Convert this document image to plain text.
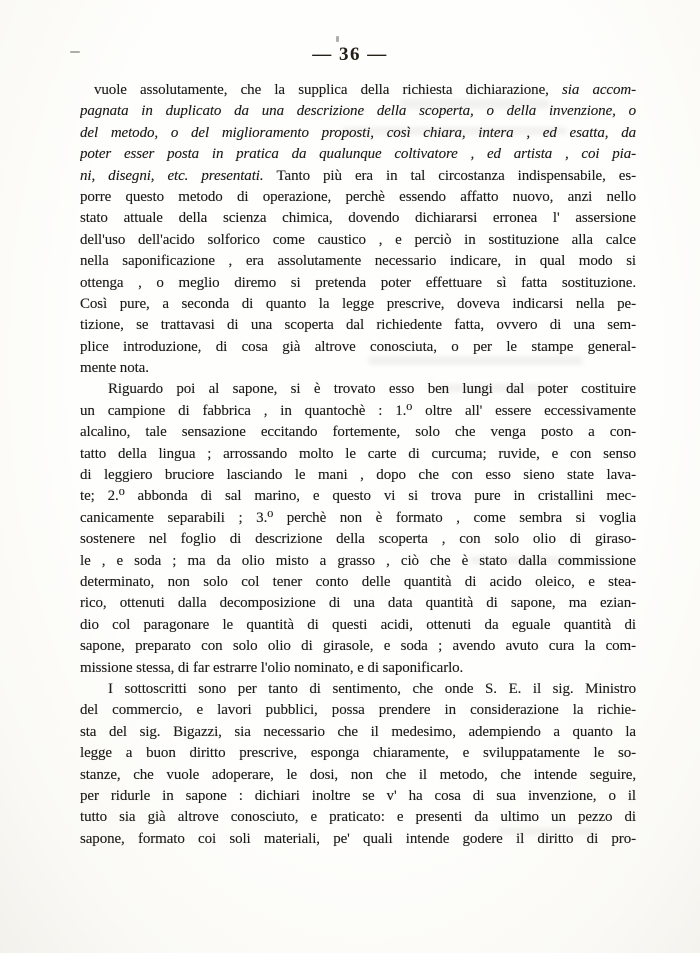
— 36 —
vuole assolutamente, che la supplica della richiesta dichiarazione, sia accom-
pagnata in duplicato da una descrizione della scoperta, o della invenzione, o
del metodo, o del miglioramento proposti, così chiara, intera , ed esatta, da
poter esser posta in pratica da qualunque coltivatore , ed artista , coi pia-
ni, disegni, etc. presentati. Tanto più era in tal circostanza indispensabile, es-
porre questo metodo di operazione, perchè essendo affatto nuovo, anzi nello
stato attuale della scienza chimica, dovendo dichiararsi erronea l' assersione
dell'uso dell'acido solforico come caustico , e perciò in sostituzione alla calce
nella saponificazione , era assolutamente necessario indicare, in qual modo si
ottenga , o meglio diremo si pretenda poter effettuare sì fatta sostituzione.
Così pure, a seconda di quanto la legge prescrive, doveva indicarsi nella pe-
tizione, se trattavasi di una scoperta dal richiedente fatta, ovvero di una sem-
plice introduzione, di cosa già altrove conosciuta, o per le stampe general-
mente nota.
Riguardo poi al sapone, si è trovato esso ben lungi dal poter costituire
un campione di fabbrica , in quantochè : 1.⁰ oltre all' essere eccessivamente
alcalino, tale sensazione eccitando fortemente, solo che venga posto a con-
tatto della lingua ; arrossando molto le carte di curcuma; ruvide, e con senso
di leggiero bruciore lasciando le mani , dopo che con esso sieno state lava-
te; 2.⁰ abbonda di sal marino, e questo vi si trova pure in cristallini mec-
canicamente separabili ; 3.⁰ perchè non è formato , come sembra si voglia
sostenere nel foglio di descrizione della scoperta , con solo olio di giraso-
le , e soda ; ma da olio misto a grasso , ciò che è stato dalla commissione
determinato, non solo col tener conto delle quantità di acido oleico, e stea-
rico, ottenuti dalla decomposizione di una data quantità di sapone, ma ezian-
dio col paragonare le quantità di questi acidi, ottenuti da eguale quantità di
sapone, preparato con solo olio di girasole, e soda ; avendo avuto cura la com-
missione stessa, di far estrarre l'olio nominato, e di saponificarlo.
I sottoscritti sono per tanto di sentimento, che onde S. E. il sig. Ministro
del commercio, e lavori pubblici, possa prendere in considerazione la richie-
sta del sig. Bigazzi, sia necessario che il medesimo, adempiendo a quanto la
legge a buon diritto prescrive, esponga chiaramente, e sviluppatamente le so-
stanze, che vuole adoperare, le dosi, non che il metodo, che intende seguire,
per ridurle in sapone : dichiari inoltre se v' ha cosa di sua invenzione, o il
tutto sia già altrove conosciuto, e praticato: e presenti da ultimo un pezzo di
sapone, formato coi soli materiali, pe' quali intende godere il diritto di pro-
